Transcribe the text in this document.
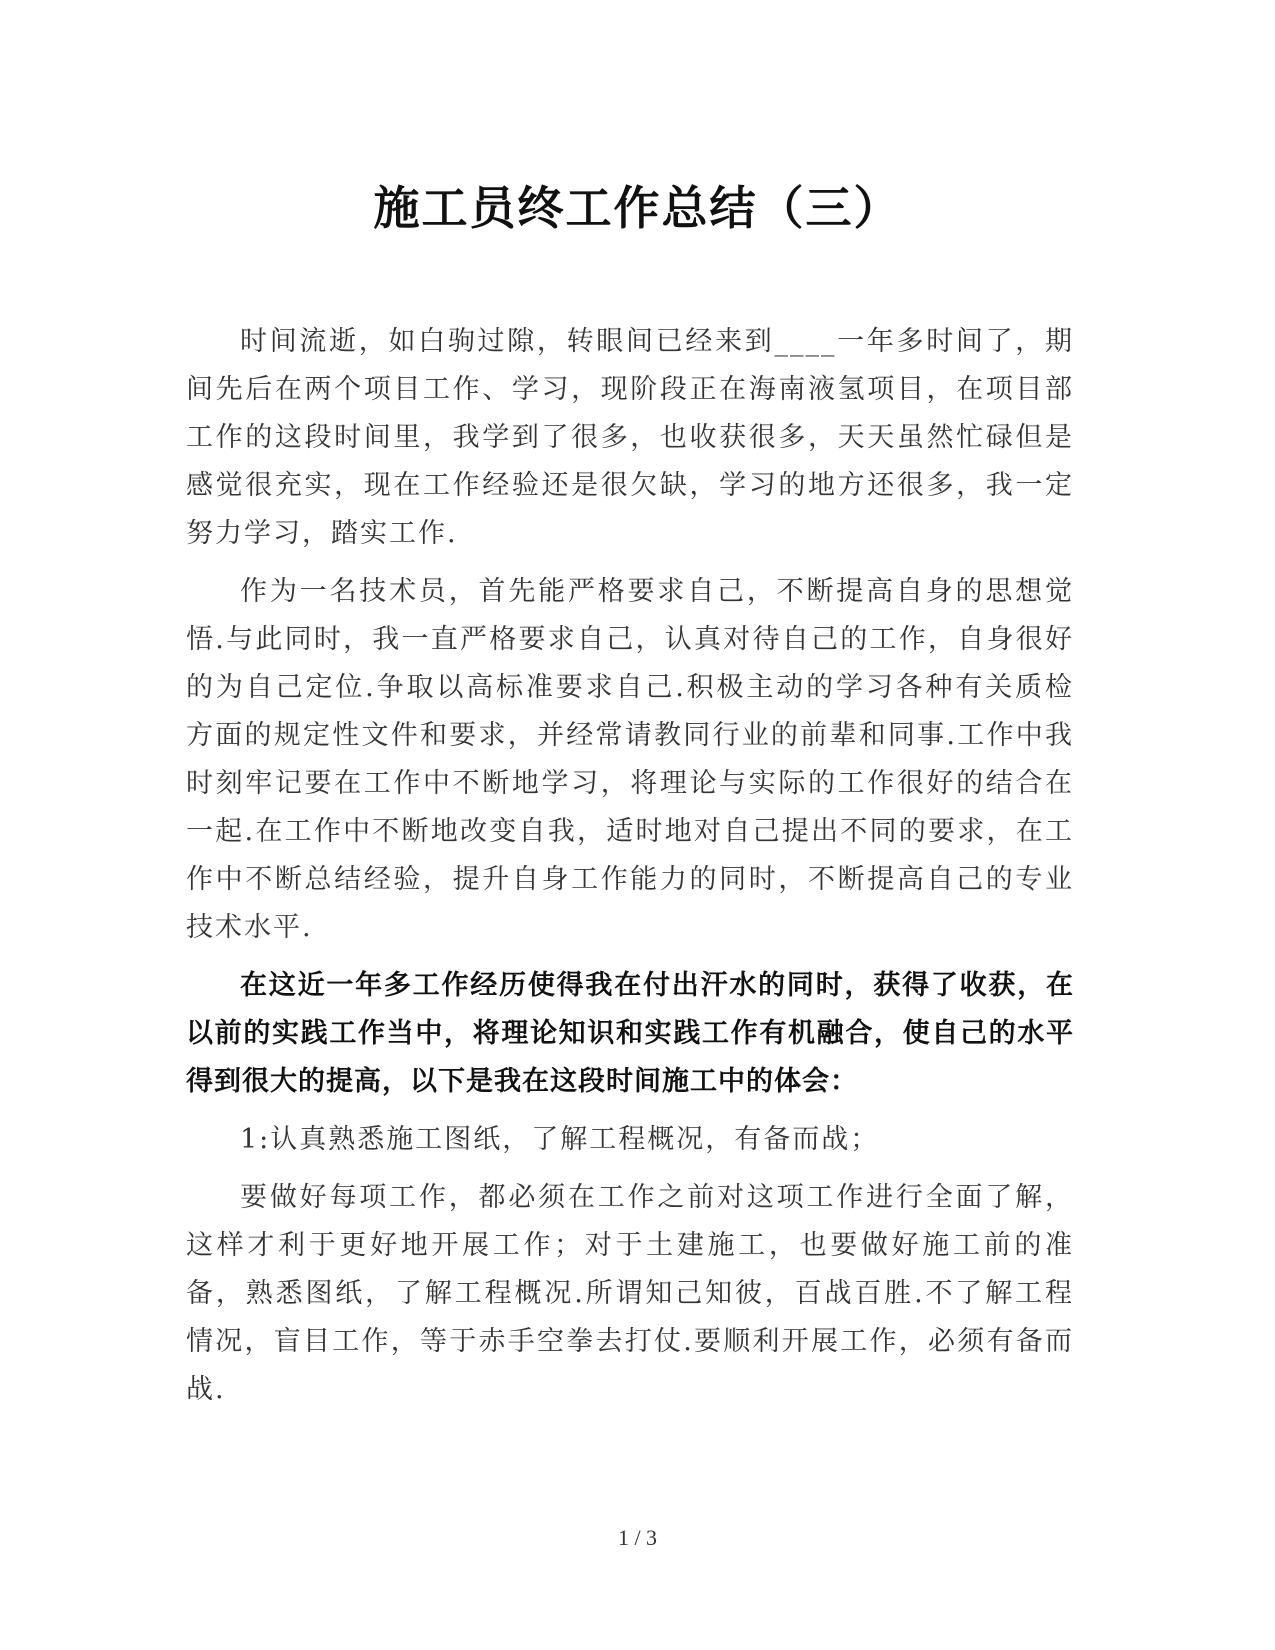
施工员终工作总结（三）

时间流逝，如白驹过隙，转眼间已经来到____一年多时间了，期间先后在两个项目工作、学习，现阶段正在海南液氢项目，在项目部工作的这段时间里，我学到了很多，也收获很多，天天虽然忙碌但是感觉很充实，现在工作经验还是很欠缺，学习的地方还很多，我一定努力学习，踏实工作.

作为一名技术员，首先能严格要求自己，不断提高自身的思想觉悟.与此同时，我一直严格要求自己，认真对待自己的工作，自身很好的为自己定位.争取以高标准要求自己.积极主动的学习各种有关质检方面的规定性文件和要求，并经常请教同行业的前辈和同事.工作中我时刻牢记要在工作中不断地学习，将理论与实际的工作很好的结合在一起.在工作中不断地改变自我，适时地对自己提出不同的要求，在工作中不断总结经验，提升自身工作能力的同时，不断提高自己的专业技术水平.

在这近一年多工作经历使得我在付出汗水的同时，获得了收获，在以前的实践工作当中，将理论知识和实践工作有机融合，使自己的水平得到很大的提高，以下是我在这段时间施工中的体会：

1:认真熟悉施工图纸，了解工程概况，有备而战；

要做好每项工作，都必须在工作之前对这项工作进行全面了解，这样才利于更好地开展工作；对于土建施工，也要做好施工前的准备，熟悉图纸，了解工程概况.所谓知己知彼，百战百胜.不了解工程情况，盲目工作，等于赤手空拳去打仗.要顺利开展工作，必须有备而战.

1 / 3
